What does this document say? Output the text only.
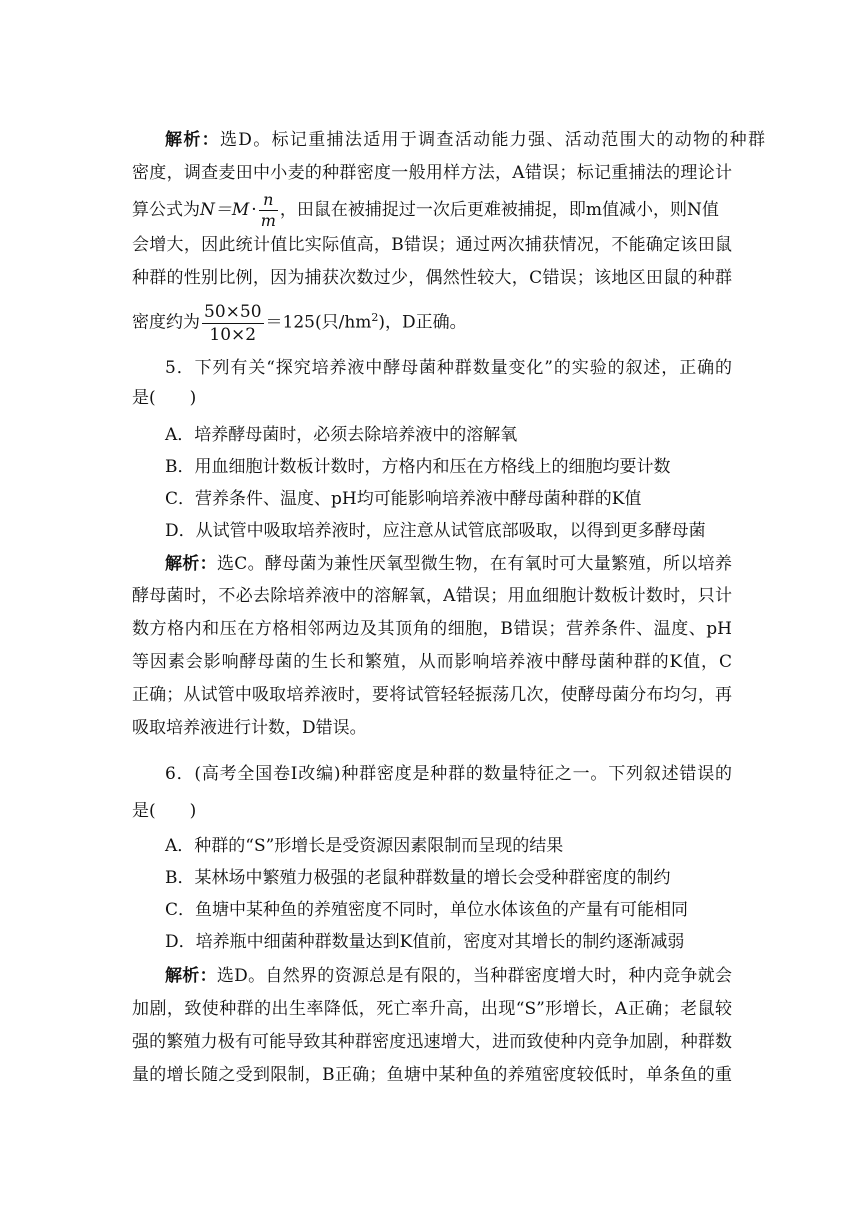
解析：选D。标记重捕法适用于调查活动能力强、活动范围大的动物的种群
密度，调查麦田中小麦的种群密度一般用样方法，A错误；标记重捕法的理论计
算公式为$N=M \cdot \frac{n}{m}$ ，田鼠在被捕捉过一次后更难被捕捉，即m值减小，则N值
会增大，因此统计值比实际值高，B错误；通过两次捕获情况，不能确定该田鼠
种群的性别比例，因为捕获次数过少，偶然性较大，C错误；该地区田鼠的种群
密度约为 $\frac{50\times 50}{10\times 2} =125$(只$/hm^2$)，D正确。
5．下列有关“探究培养液中酵母菌种群数量变化”的实验的叙述，正确的
是(　　)
A．培养酵母菌时，必须去除培养液中的溶解氧
B．用血细胞计数板计数时，方格内和压在方格线上的细胞均要计数
C．营养条件、温度、pH均可能影响培养液中酵母菌种群的K值
D．从试管中吸取培养液时，应注意从试管底部吸取，以得到更多酵母菌
解析：选C。酵母菌为兼性厌氧型微生物，在有氧时可大量繁殖，所以培养
酵母菌时，不必去除培养液中的溶解氧，A错误；用血细胞计数板计数时，只计
数方格内和压在方格相邻两边及其顶角的细胞，B错误；营养条件、温度、pH
等因素会影响酵母菌的生长和繁殖，从而影响培养液中酵母菌种群的K值，C
正确；从试管中吸取培养液时，要将试管轻轻振荡几次，使酵母菌分布均匀，再
吸取培养液进行计数，D错误。
6．(高考全国卷Ⅰ改编)种群密度是种群的数量特征之一。下列叙述错误的
是(　　)
A．种群的“S”形增长是受资源因素限制而呈现的结果
B．某林场中繁殖力极强的老鼠种群数量的增长会受种群密度的制约
C．鱼塘中某种鱼的养殖密度不同时，单位水体该鱼的产量有可能相同
D．培养瓶中细菌种群数量达到K值前，密度对其增长的制约逐渐减弱
解析：选D。自然界的资源总是有限的，当种群密度增大时，种内竞争就会
加剧，致使种群的出生率降低，死亡率升高，出现“S”形增长，A正确；老鼠较
强的繁殖力极有可能导致其种群密度迅速增大，进而致使种内竞争加剧，种群数
量的增长随之受到限制，B正确；鱼塘中某种鱼的养殖密度较低时，单条鱼的重
